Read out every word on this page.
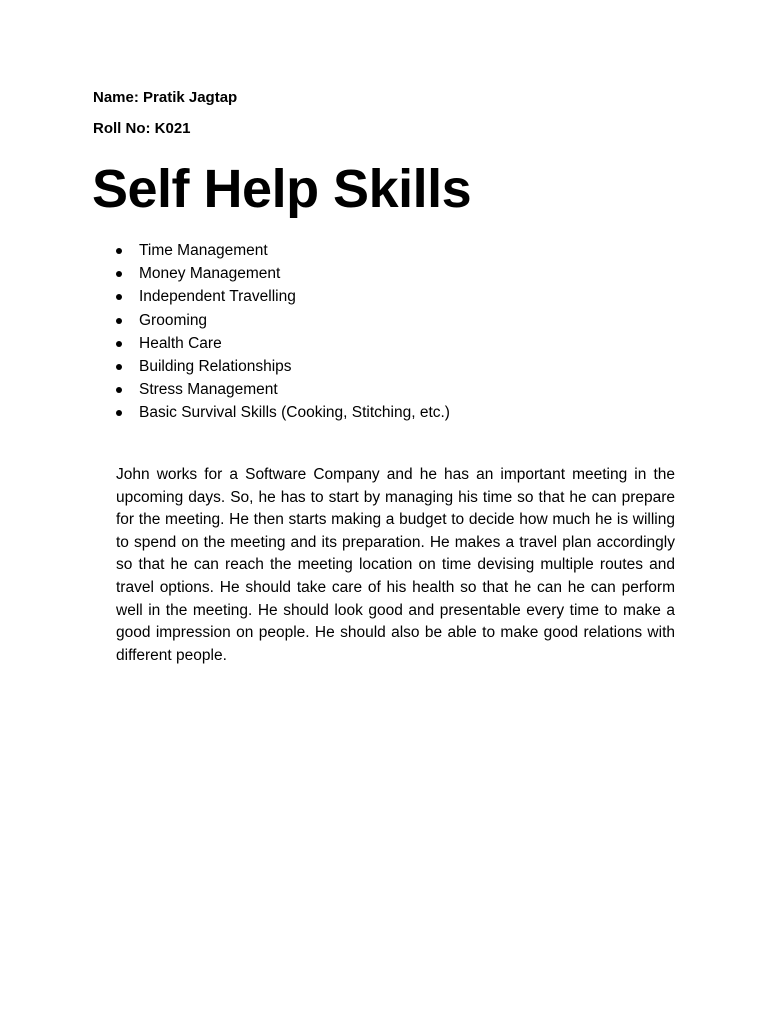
Name: Pratik Jagtap
Roll No: K021
Self Help Skills
Time Management
Money Management
Independent Travelling
Grooming
Health Care
Building Relationships
Stress Management
Basic Survival Skills (Cooking, Stitching, etc.)

John works for a Software Company and he has an important meeting in the upcoming days. So, he has to start by managing his time so that he can prepare for the meeting. He then starts making a budget to decide how much he is willing to spend on the meeting and its preparation. He makes a travel plan accordingly so that he can reach the meeting location on time devising multiple routes and travel options. He should take care of his health so that he can he can perform well in the meeting. He should look good and presentable every time to make a good impression on people. He should also be able to make good relations with different people.
